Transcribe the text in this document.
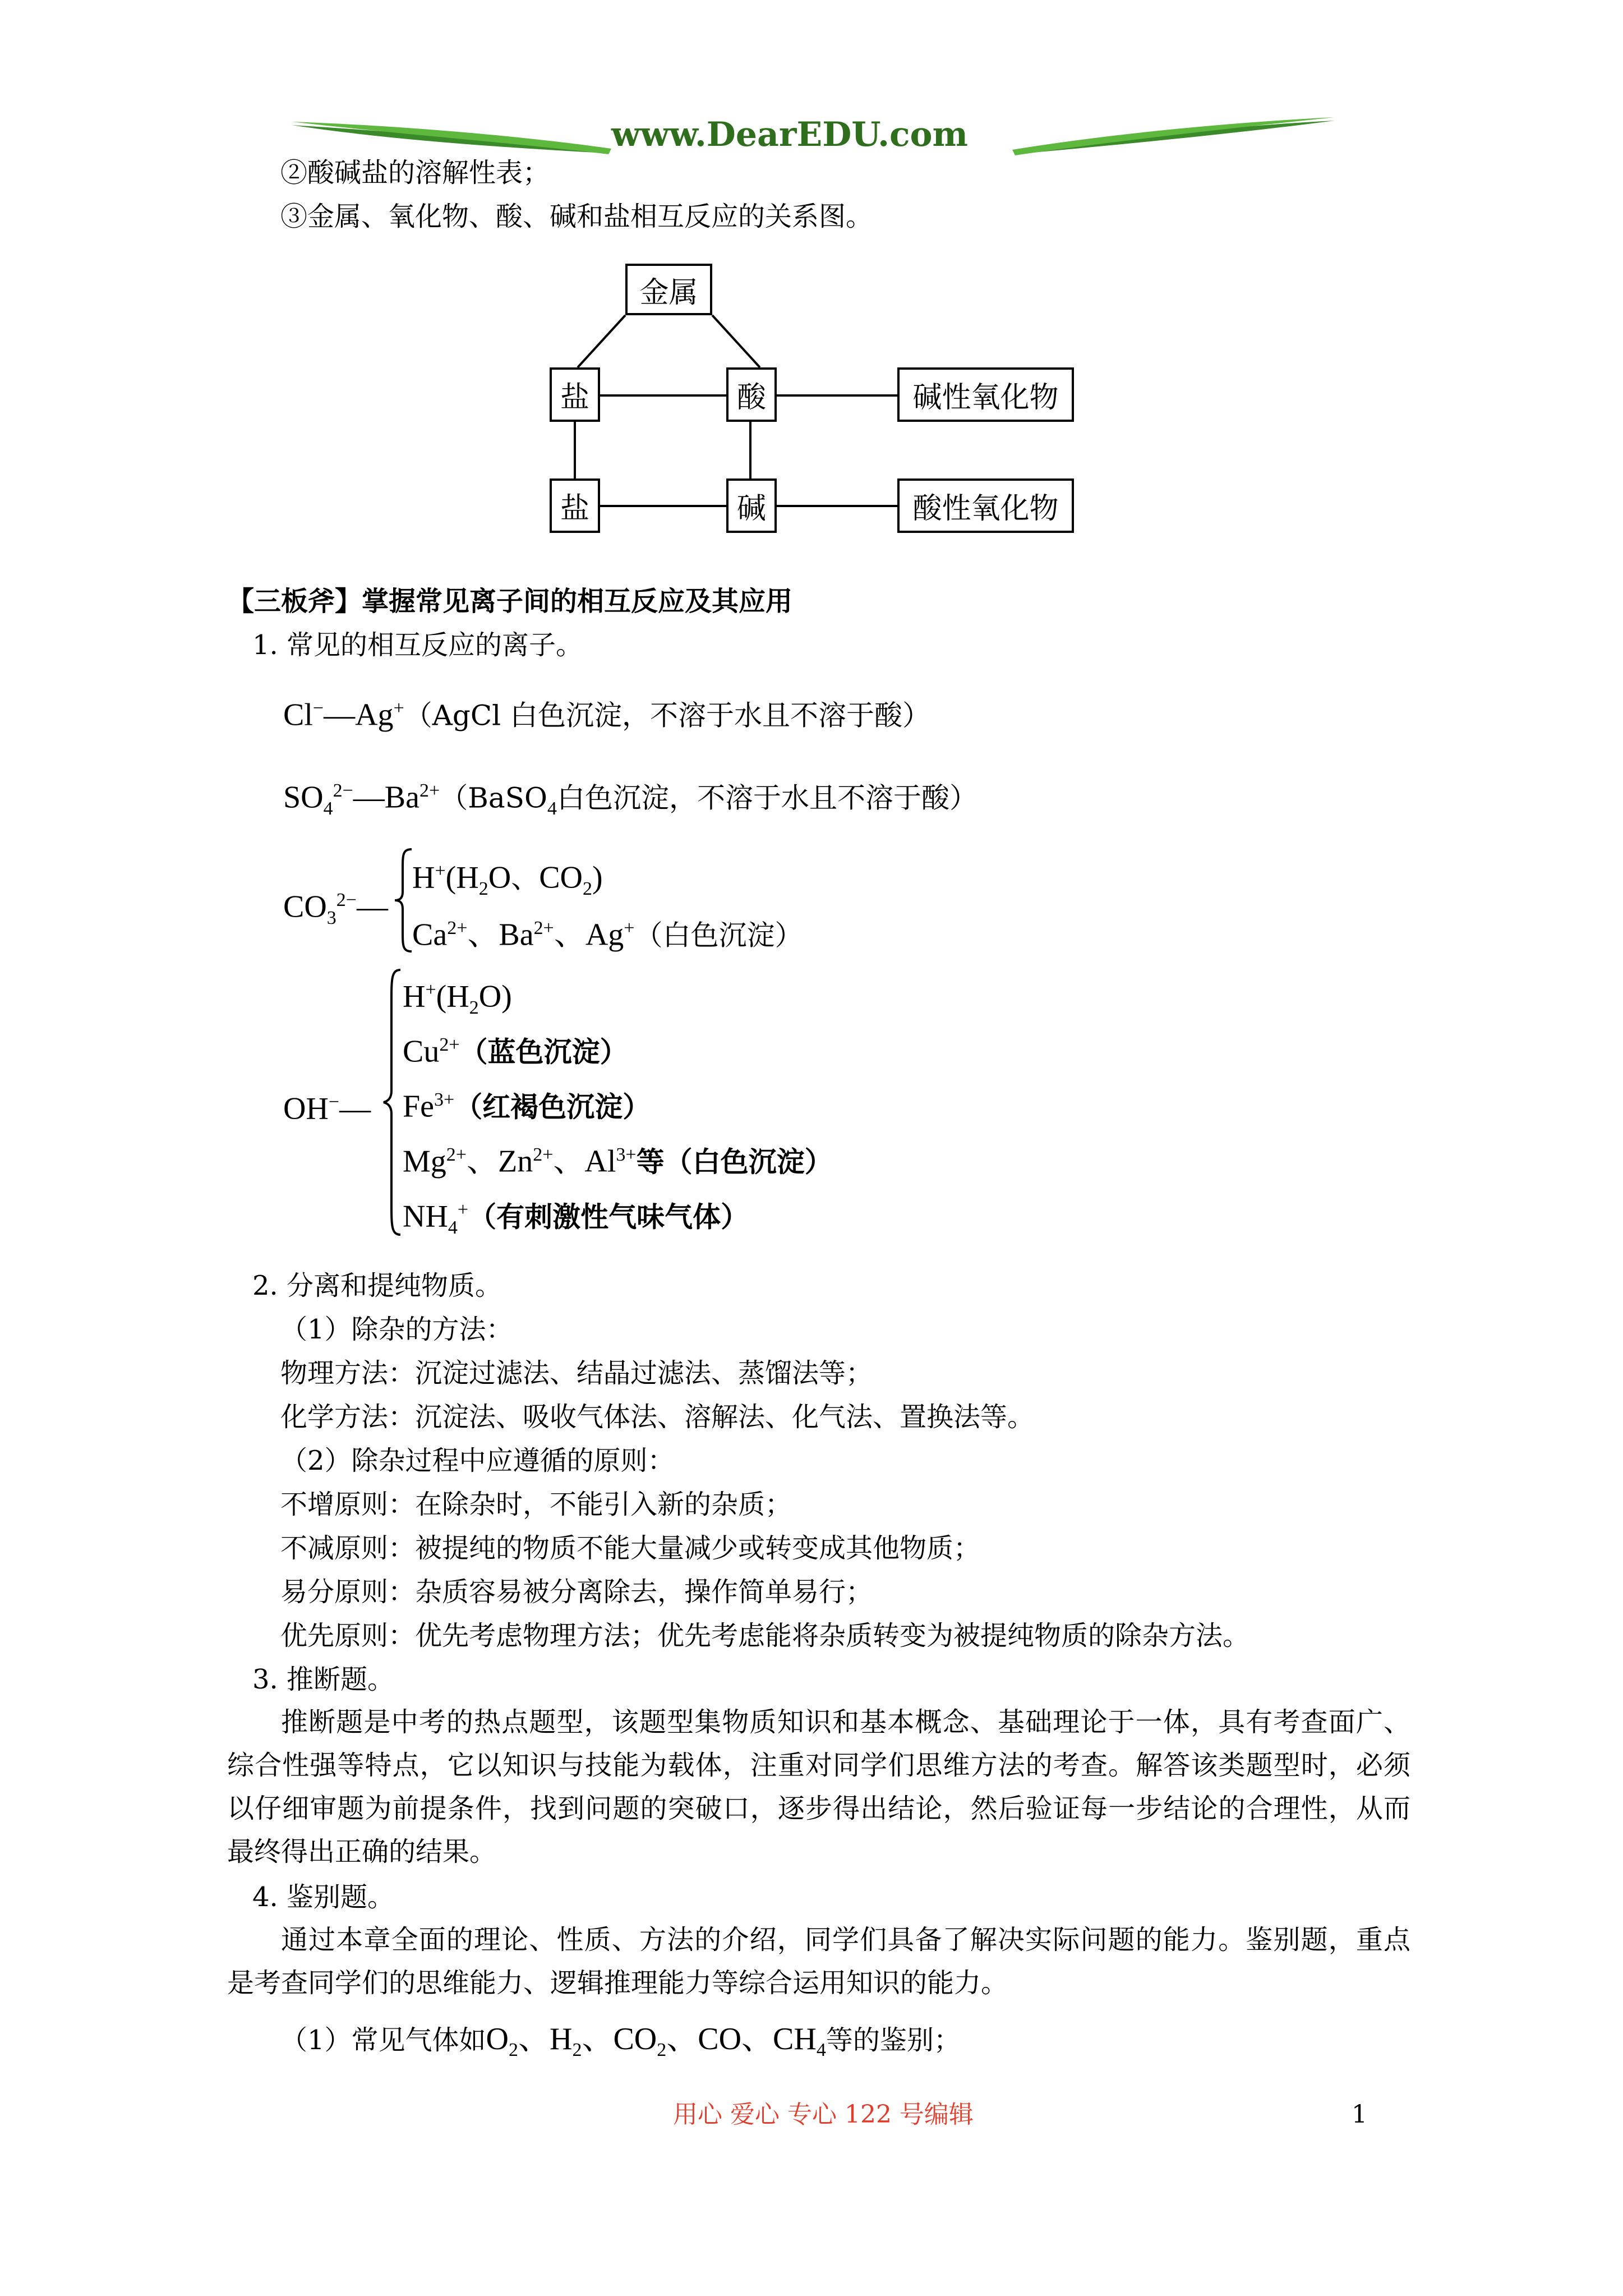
www.DearEDU.com
②酸碱盐的溶解性表；
③金属、氧化物、酸、碱和盐相互反应的关系图。
金属
盐	酸	碱性氧化物
盐	碱	酸性氧化物
【三板斧】掌握常见离子间的相互反应及其应用
1. 常见的相互反应的离子。
Cl−—Ag+（AgCl 白色沉淀，不溶于水且不溶于酸）
$SO_4^{2-}—Ba^{2+}(BaSO_4$白色沉淀，不溶于水且不溶于酸）
$CO_3^{2-}—$
$H^+(H_2O$、$CO_2$)
$Ca^{2+}$、$Ba^{2+}$、Ag+（白色沉淀）
OH−—
$H^+(H_2O)$
$Cu^{2+}$（蓝色沉淀）
$Fe^{3+}$（红褐色沉淀）
$Mg^{2+}$、$Zn^{2+}$、$Al^{3+}$等（白色沉淀）
$NH_4^+$（有刺激性气味气体）
2. 分离和提纯物质。
（1）除杂的方法：
物理方法：沉淀过滤法、结晶过滤法、蒸馏法等；
化学方法：沉淀法、吸收气体法、溶解法、化气法、置换法等。
（2）除杂过程中应遵循的原则：
不增原则：在除杂时，不能引入新的杂质；
不减原则：被提纯的物质不能大量减少或转变成其他物质；
易分原则：杂质容易被分离除去，操作简单易行；
优先原则：优先考虑物理方法；优先考虑能将杂质转变为被提纯物质的除杂方法。
3. 推断题。
推断题是中考的热点题型，该题型集物质知识和基本概念、基础理论于一体，具有考查面广、综合性强等特点，它以知识与技能为载体，注重对同学们思维方法的考查。解答该类题型时，必须以仔细审题为前提条件，找到问题的突破口，逐步得出结论，然后验证每一步结论的合理性，从而最终得出正确的结果。
4. 鉴别题。
通过本章全面的理论、性质、方法的介绍，同学们具备了解决实际问题的能力。鉴别题，重点是考查同学们的思维能力、逻辑推理能力等综合运用知识的能力。
（1）常见气体如$O_2$、$H_2$、$CO_2$、CO、$CH_4$等的鉴别；
用心 爱心 专心 122 号编辑	1
